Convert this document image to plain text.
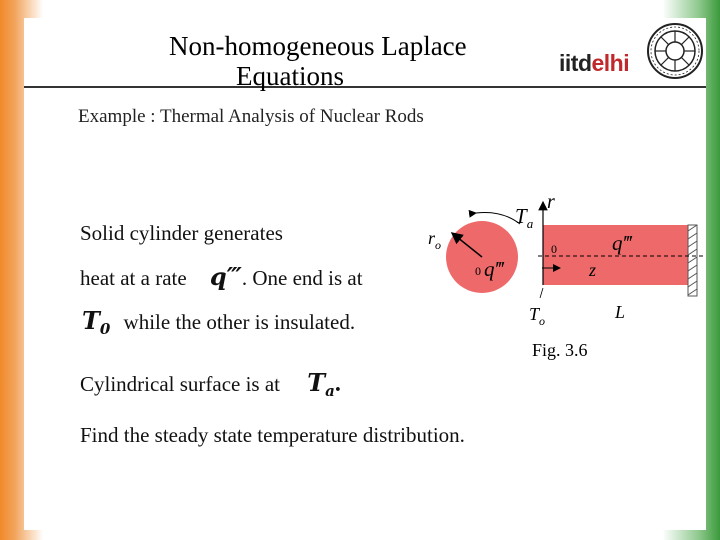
Non-homogeneous Laplace
Equations	iitdelhi
Example : Thermal Analysis of Nuclear Rods
Solid cylinder generates
heat at a rate q‴. One end is at
$T_0$ while the other is insulated.
Cylindrical surface is at $T_a$.
Find the steady state temperature distribution.
$T_a$
r
$r_o$
0 q‴
0	q‴
z
$T_o$	L
Fig. 3.6
